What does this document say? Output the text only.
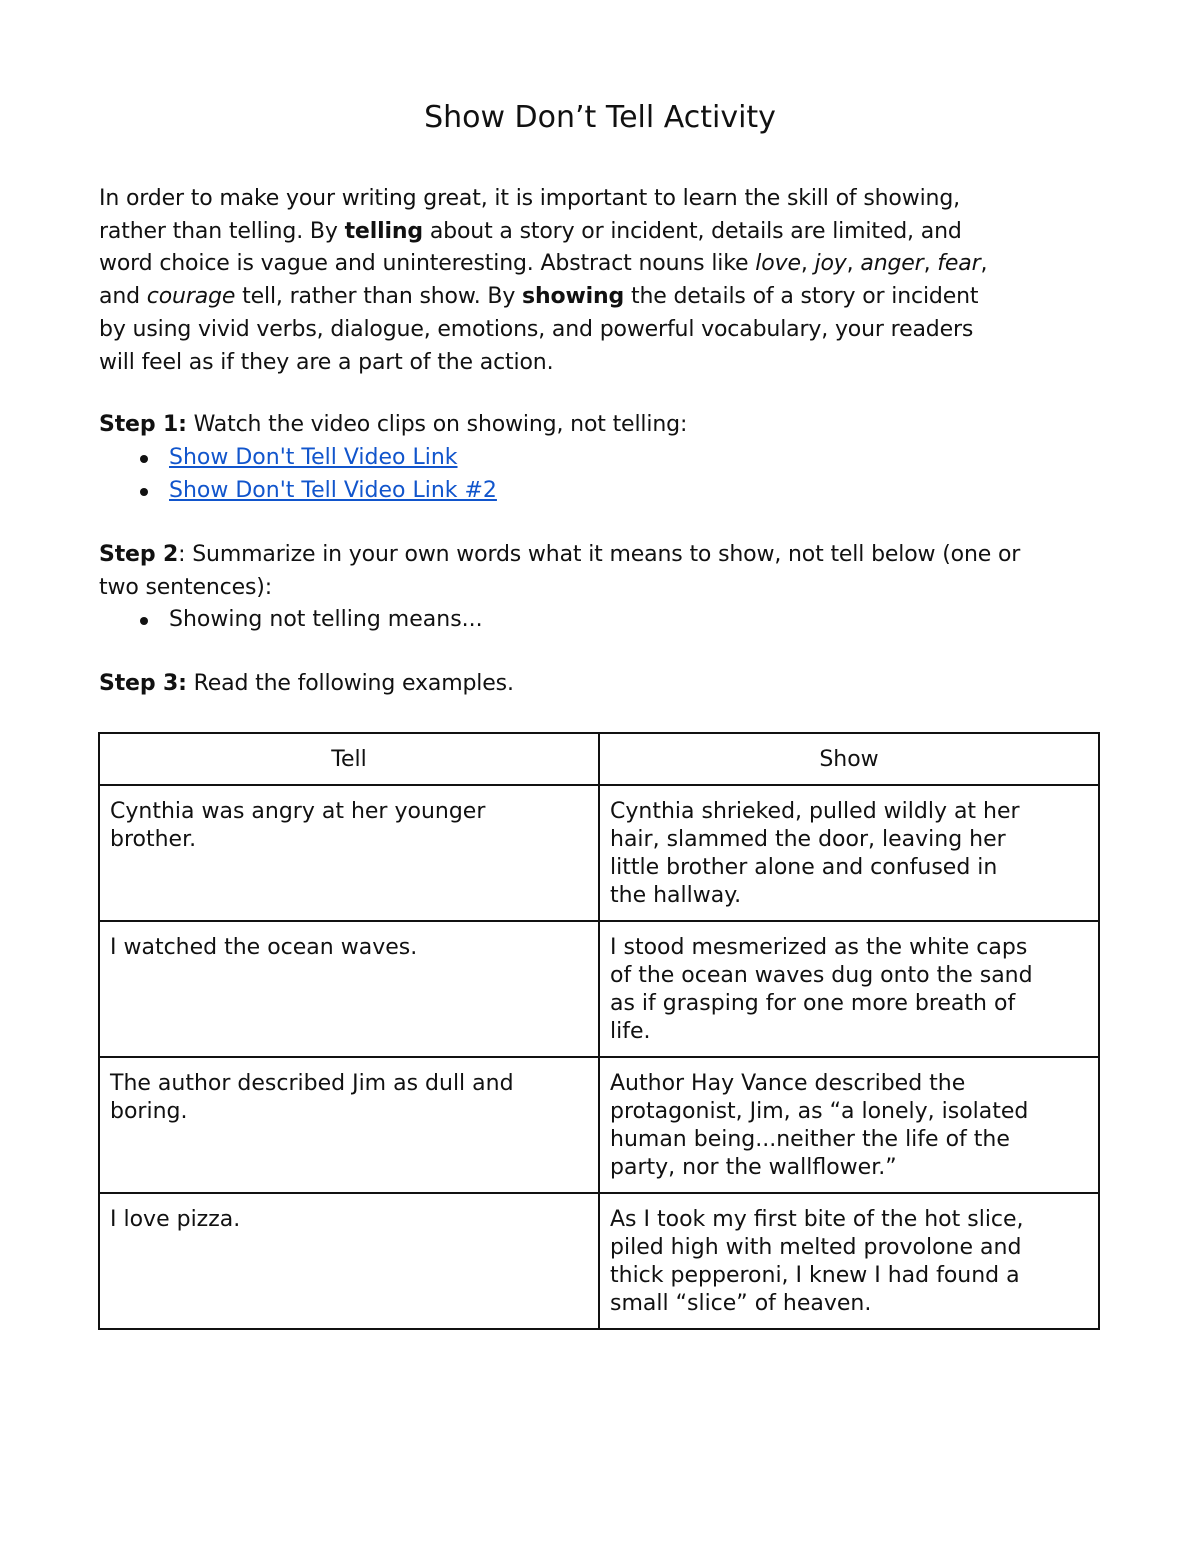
Show Don’t Tell Activity

In order to make your writing great, it is important to learn the skill of showing,
rather than telling. By telling about a story or incident, details are limited, and
word choice is vague and uninteresting. Abstract nouns like love, joy, anger, fear,
and courage tell, rather than show. By showing the details of a story or incident
by using vivid verbs, dialogue, emotions, and powerful vocabulary, your readers
will feel as if they are a part of the action.

Step 1: Watch the video clips on showing, not telling:

Show Don't Tell Video Link
Show Don't Tell Video Link #2

Step 2: Summarize in your own words what it means to show, not tell below (one or
two sentences):

Showing not telling means...

Step 3: Read the following examples.

Tell	Show

Cynthia was angry at her younger
brother.	Cynthia shrieked, pulled wildly at her
hair, slammed the door, leaving her
little brother alone and confused in
the hallway.

I watched the ocean waves.	I stood mesmerized as the white caps
of the ocean waves dug onto the sand
as if grasping for one more breath of
life.

The author described Jim as dull and
boring.	Author Hay Vance described the
protagonist, Jim, as “a lonely, isolated
human being...neither the life of the
party, nor the wallflower.”

I love pizza.	As I took my first bite of the hot slice,
piled high with melted provolone and
thick pepperoni, I knew I had found a
small “slice” of heaven.
